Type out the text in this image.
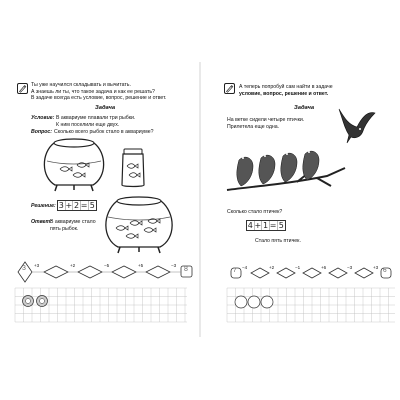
Ты уже научился складывать и вычитать.
А знаешь ли ты, что такое задача и как ее решать?
В задаче всегда есть условие, вопрос, решение и ответ.
Задача
Условие: В аквариуме плавали три рыбки.
К ним поселили еще двух.
Вопрос: Сколько всего рыбок стало в аквариуме?
Решение: 3 + 2 = 5
Ответ:
В аквариуме стало
пять рыбок.
3 +3	+2	−5	+5	−3
8
А теперь попробуй сам найти в задаче
условие, вопрос, решение и ответ.
Задача
На ветке сидели четыре птички.
Прилетела еще одна.
Сколько стало птичек?
4 + 1 = 5
Стало пять птичек.
7 −4	+2	−1	+6	−3	+3 6
